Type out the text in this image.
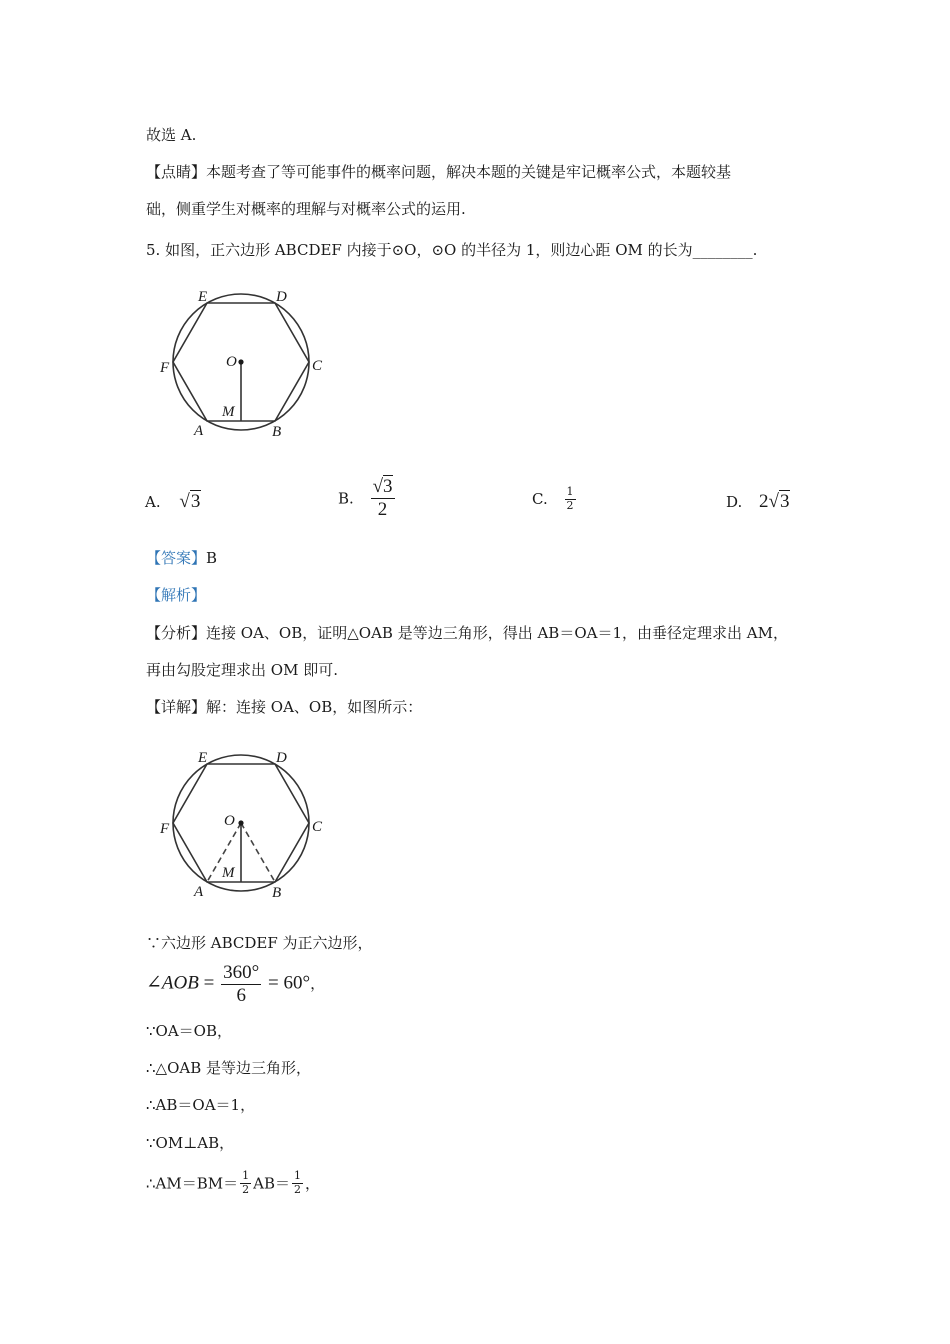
故选 A.
【点睛】本题考查了等可能事件的概率问题，解决本题的关键是牢记概率公式，本题较基
础，侧重学生对概率的理解与对概率公式的运用.
5. 如图，正六边形 ABCDEF 内接于⊙O，⊙O 的半径为 1，则边心距 OM 的长为________.
E	D
F	C
O
M
A	B
A. √3	B. $\frac{√3}{2}$	C. $\frac{1}{2}$	D. 2√3
【答案】B
【解析】
【分析】连接 OA、OB，证明△OAB 是等边三角形，得出 AB＝OA＝1，由垂径定理求出 AM，
再由勾股定理求出 OM 即可.
【详解】解：连接 OA、OB，如图所示：
E	D
F	C
O
M
A	B
∵六边形 ABCDEF 为正六边形，
∠AOB = $\frac{360^\circ}{6} = 60^\circ$，
∵OA＝OB，
∴△OAB 是等边三角形，
∴AB＝OA＝1，
∵OM⊥AB，
∴AM＝BM＝ $\frac{1}{2} AB= \frac{1}{2}$ ，
